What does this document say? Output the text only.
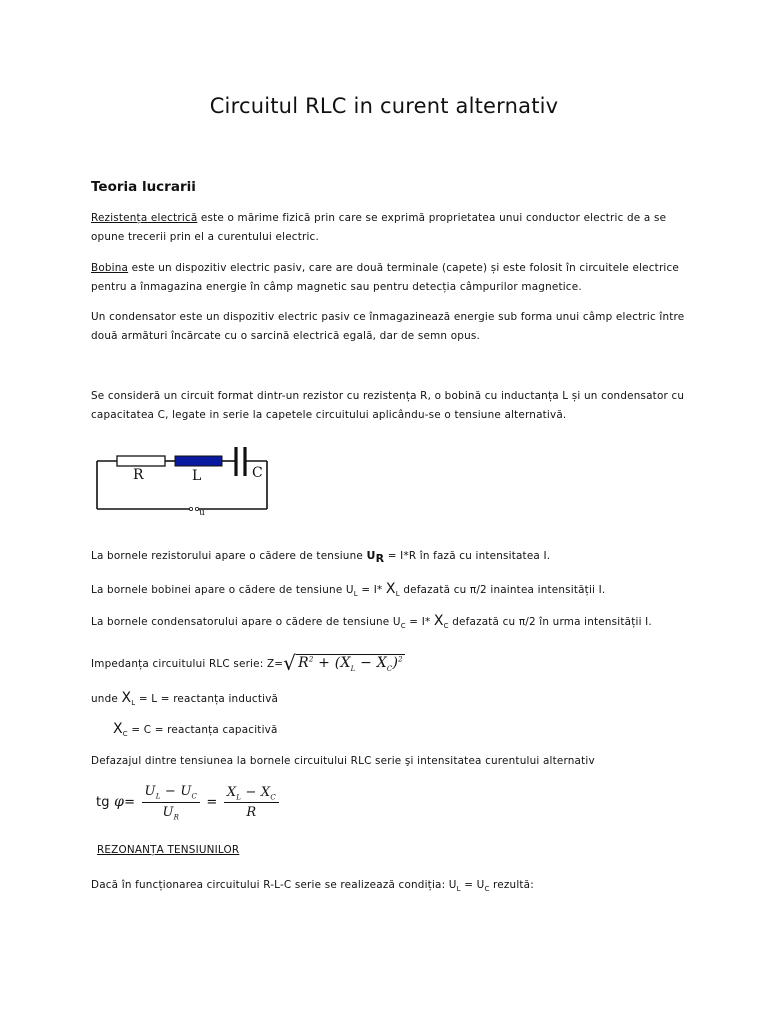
Circuitul RLC in curent alternativ
Teoria lucrarii
Rezistența electrică este o mărime fizică prin care se exprimă proprietatea unui conductor electric de a se
opune trecerii prin el a curentului electric.
Bobina este un dispozitiv electric pasiv, care are două terminale (capete) și este folosit în circuitele electrice
pentru a înmagazina energie în câmp magnetic sau pentru detecția câmpurilor magnetice.
Un condensator este un dispozitiv electric pasiv ce înmagazinează energie sub forma unui câmp electric între
două armături încărcate cu o sarcină electrică egală, dar de semn opus.
Se consideră un circuit format dintr-un rezistor cu rezistența R, o bobină cu inductanța L și un condensator cu
capacitatea C, legate in serie la capetele circuitului aplicându-se o tensiune alternativă.
R	L	C
u
La bornele rezistorului apare o cădere de tensiune $U_R = I*R$ în fază cu intensitatea I.
La bornele bobinei apare o cădere de tensiune $U_L = I*$ $X_L$ defazată cu π/2 inaintea intensității I.
La bornele condensatorului apare o cădere de tensiune $U_C = I*$ $X_C$ defazată cu π/2 în urma intensității I.
Impedanța circuitului RLC serie: Z=√ $R^2 + (X_L - X_C)^2$
unde $X_L = L$ = reactanța inductivă
$X_C = C$ = reactanța capacitivă
Defazajul dintre tensiunea la bornele circuitului RLC serie şi intensitatea curentului alternativ
tg $\varphi= \frac{U_L - U_C}{U_R} = \frac{X_L - X_C}{R}$
REZONANȚA TENSIUNILOR
Dacă în funcționarea circuitului R-L-C serie se realizează condiția: $U_L = U_C$ rezultă:
